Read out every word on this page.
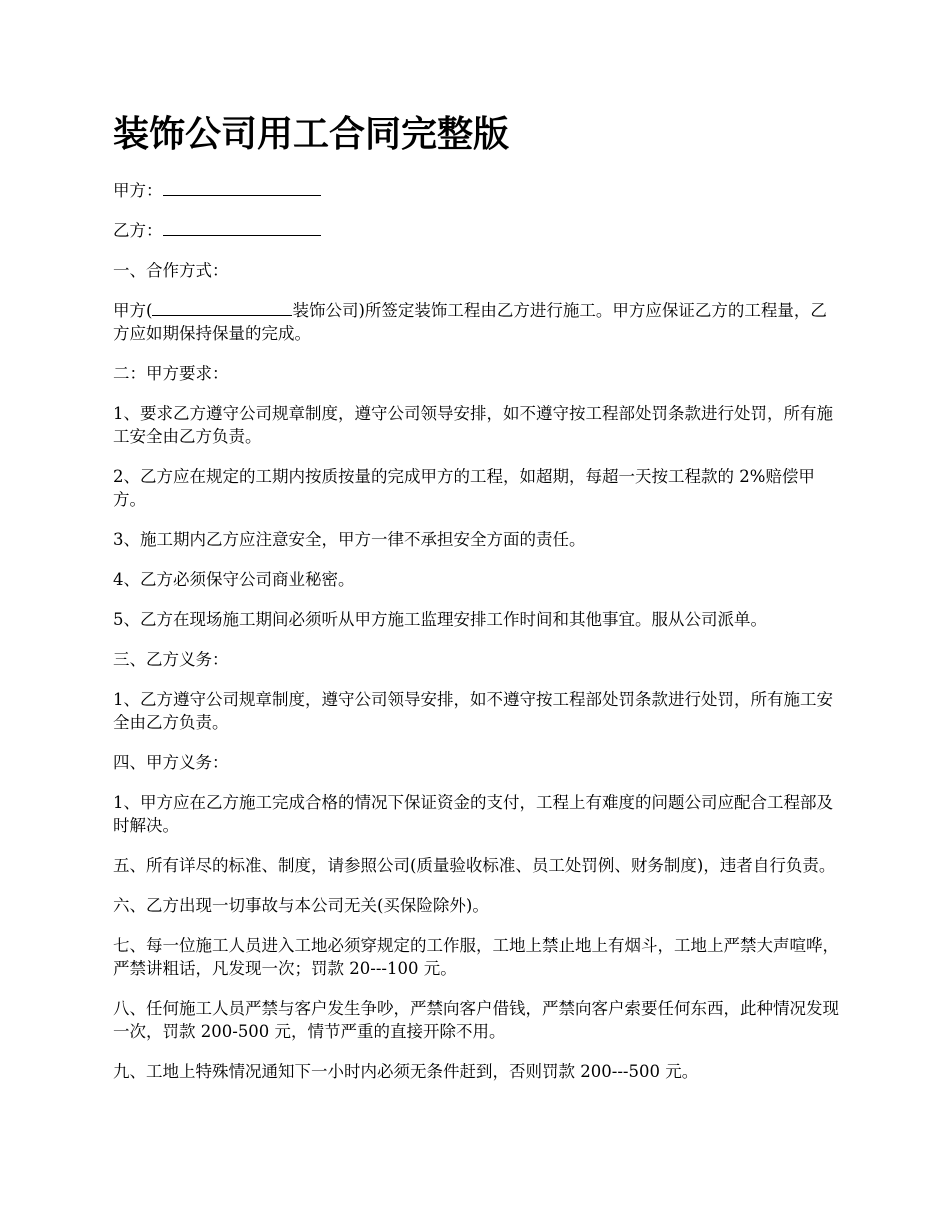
装饰公司用工合同完整版

甲方：

乙方：

一、合作方式：

甲方(	装饰公司)所签定装饰工程由乙方进行施工。甲方应保证乙方的工程量，乙方应如期保持保量的完成。

二：甲方要求：

1、要求乙方遵守公司规章制度，遵守公司领导安排，如不遵守按工程部处罚条款进行处罚，所有施工安全由乙方负责。

2、乙方应在规定的工期内按质按量的完成甲方的工程，如超期，每超一天按工程款的 2%赔偿甲方。

3、施工期内乙方应注意安全，甲方一律不承担安全方面的责任。

4、乙方必须保守公司商业秘密。

5、乙方在现场施工期间必须听从甲方施工监理安排工作时间和其他事宜。服从公司派单。

三、乙方义务：

1、乙方遵守公司规章制度，遵守公司领导安排，如不遵守按工程部处罚条款进行处罚，所有施工安全由乙方负责。

四、甲方义务：

1、甲方应在乙方施工完成合格的情况下保证资金的支付，工程上有难度的问题公司应配合工程部及时解决。

五、所有详尽的标准、制度，请参照公司(质量验收标准、员工处罚例、财务制度)，违者自行负责。

六、乙方出现一切事故与本公司无关(买保险除外)。

七、每一位施工人员进入工地必须穿规定的工作服，工地上禁止地上有烟斗，工地上严禁大声喧哗，严禁讲粗话，凡发现一次；罚款 20---100 元。

八、任何施工人员严禁与客户发生争吵，严禁向客户借钱，严禁向客户索要任何东西，此种情况发现一次，罚款 200-500 元，情节严重的直接开除不用。

九、工地上特殊情况通知下一小时内必须无条件赶到，否则罚款 200---500 元。
